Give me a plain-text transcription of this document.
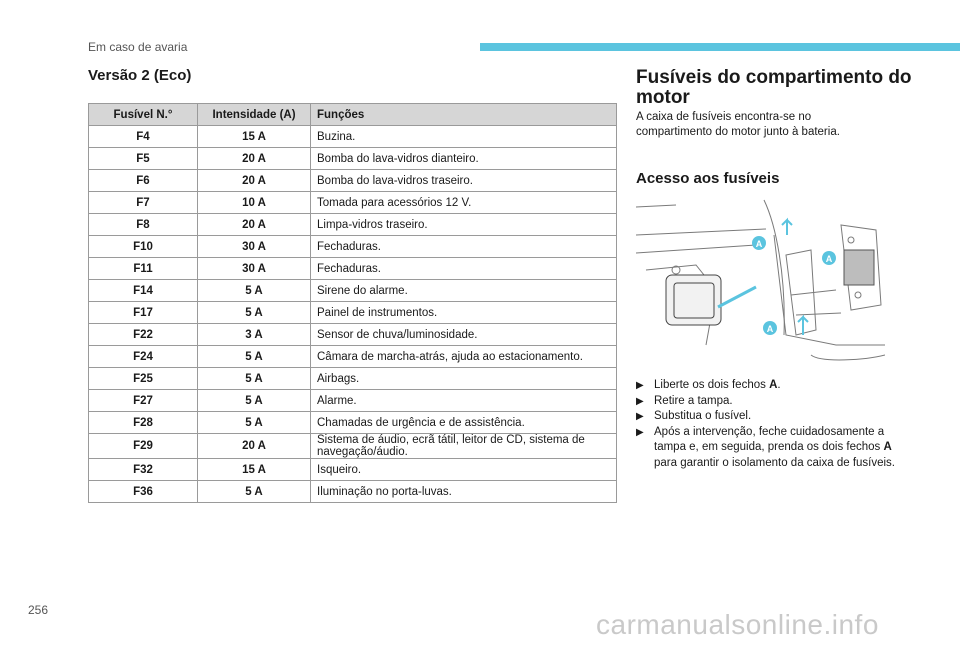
Em caso de avaria
Versão 2 (Eco)
Fusível N.°	Intensidade (A)	Funções
F4	15 A	Buzina.
F5	20 A	Bomba do lava-vidros dianteiro.
F6	20 A	Bomba do lava-vidros traseiro.
F7	10 A	Tomada para acessórios 12 V.
F8	20 A	Limpa-vidros traseiro.
F10	30 A	Fechaduras.
F11	30 A	Fechaduras.
F14	5 A	Sirene do alarme.
F17	5 A	Painel de instrumentos.
F22	3 A	Sensor de chuva/luminosidade.
F24	5 A	Câmara de marcha-atrás, ajuda ao estacionamento.
F25	5 A	Airbags.
F27	5 A	Alarme.
F28	5 A	Chamadas de urgência e de assistência.
F29	20 A	Sistema de áudio, ecrã tátil, leitor de CD, sistema de navegação/áudio.
F32	15 A	Isqueiro.
F36	5 A	Iluminação no porta-luvas.
Fusíveis do compartimento do motor

A caixa de fusíveis encontra-se no compartimento do motor junto à bateria.

Acesso aos fusíveis
A
A
A
▶ Liberte os dois fechos A.
▶ Retire a tampa.
▶ Substitua o fusível.
▶ Após a intervenção, feche cuidadosamente a tampa e, em seguida, prenda os dois fechos A para garantir o isolamento da caixa de fusíveis.
256	carmanualsonline.info
